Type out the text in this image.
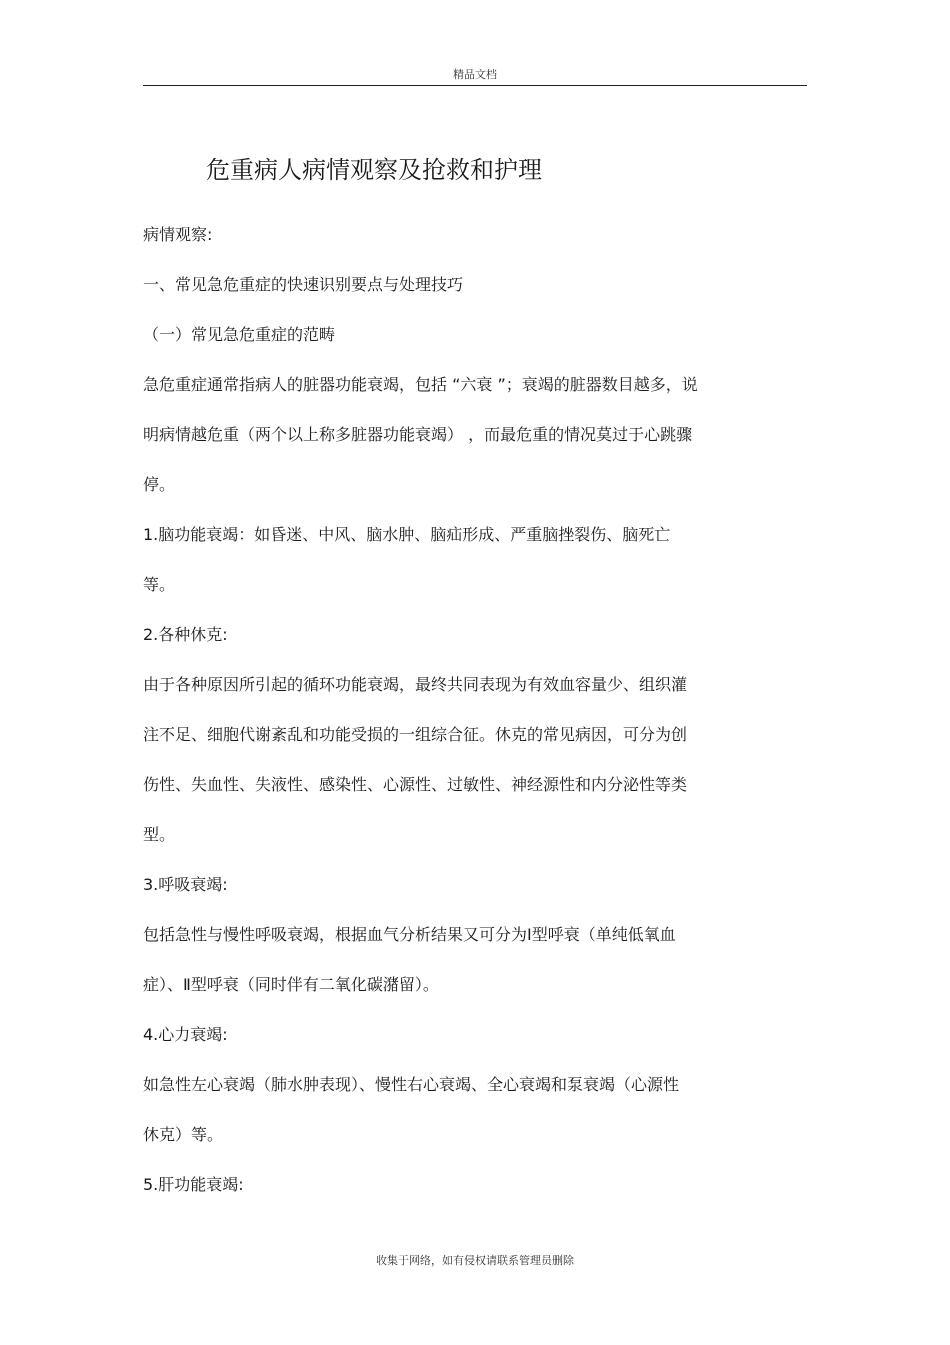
精品文档
危重病人病情观察及抢救和护理
病情观察:
一、常见急危重症的快速识别要点与处理技巧
（一）常见急危重症的范畴
急危重症通常指病人的脏器功能衰竭，包括 “六衰 ”；衰竭的脏器数目越多，说
明病情越危重（两个以上称多脏器功能衰竭） ，而最危重的情况莫过于心跳骤
停。
1.脑功能衰竭：如昏迷、中风、脑水肿、脑疝形成、严重脑挫裂伤、脑死亡
等。
2.各种休克:
由于各种原因所引起的循环功能衰竭，最终共同表现为有效血容量少、组织灌
注不足、细胞代谢紊乱和功能受损的一组综合征。休克的常见病因，可分为创
伤性、失血性、失液性、感染性、心源性、过敏性、神经源性和内分泌性等类
型。
3.呼吸衰竭:
包括急性与慢性呼吸衰竭，根据血气分析结果又可分为Ⅰ型呼衰（单纯低氧血
症）、Ⅱ型呼衰（同时伴有二氧化碳潴留）。
4.心力衰竭:
如急性左心衰竭（肺水肿表现）、慢性右心衰竭、全心衰竭和泵衰竭（心源性
休克）等。
5.肝功能衰竭:
收集于网络，如有侵权请联系管理员删除
